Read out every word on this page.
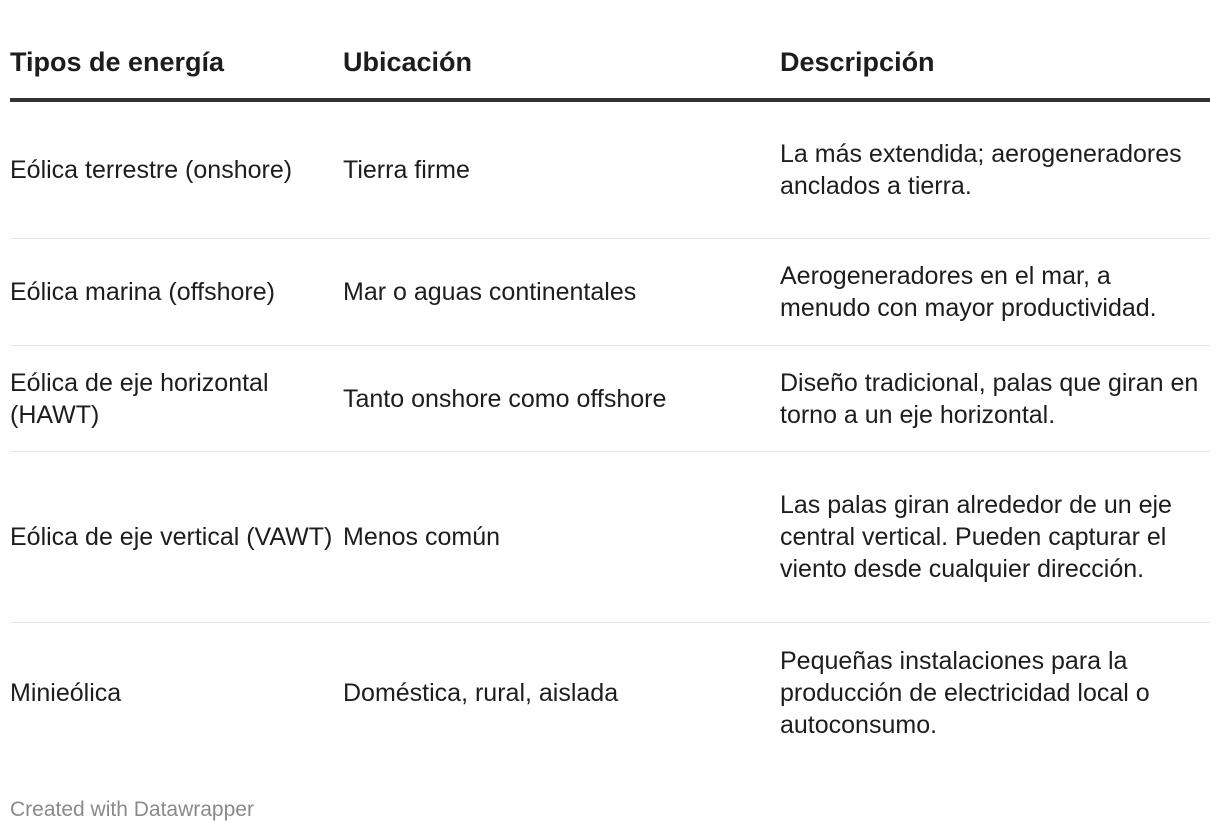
Tipos de energía	Ubicación	Descripción

Eólica terrestre (onshore)	Tierra firme	La más extendida; aerogeneradores anclados a tierra.

Eólica marina (offshore)	Mar o aguas continentales	Aerogeneradores en el mar, a menudo con mayor productividad.

Eólica de eje horizontal (HAWT)	Tanto onshore como offshore	Diseño tradicional, palas que giran en torno a un eje horizontal.

Eólica de eje vertical (VAWT)	Menos común	Las palas giran alrededor de un eje central vertical. Pueden capturar el viento desde cualquier dirección.

Minieólica	Doméstica, rural, aislada	Pequeñas instalaciones para la producción de electricidad local o autoconsumo.
Created with Datawrapper
